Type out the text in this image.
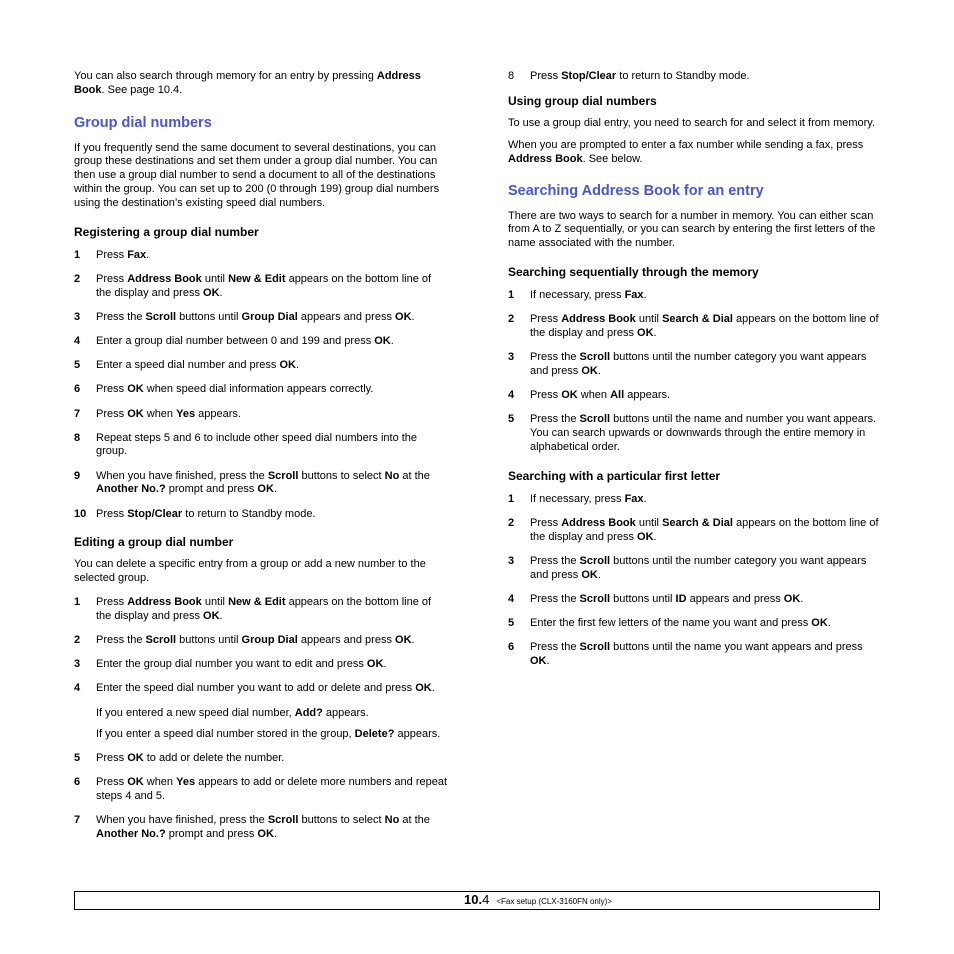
You can also search through memory for an entry by pressing Address Book. See page 10.4.

Group dial numbers

If you frequently send the same document to several destinations, you can group these destinations and set them under a group dial number. You can then use a group dial number to send a document to all of the destinations within the group. You can set up to 200 (0 through 199) group dial numbers using the destination’s existing speed dial numbers.

Registering a group dial number
1	Press Fax.
2	Press Address Book until New & Edit appears on the bottom line of the display and press OK.
3	Press the Scroll buttons until Group Dial appears and press OK.
4	Enter a group dial number between 0 and 199 and press OK.
5	Enter a speed dial number and press OK.
6	Press OK when speed dial information appears correctly.
7	Press OK when Yes appears.
8	Repeat steps 5 and 6 to include other speed dial numbers into the group.
9	When you have finished, press the Scroll buttons to select No at the Another No.? prompt and press OK.
10 Press Stop/Clear to return to Standby mode.
Editing a group dial number

You can delete a specific entry from a group or add a new number to the selected group.

1	Press Address Book until New & Edit appears on the bottom line of the display and press OK.
2	Press the Scroll buttons until Group Dial appears and press OK.
3	Enter the group dial number you want to edit and press OK.
4	Enter the speed dial number you want to add or delete and press OK.

If you entered a new speed dial number, Add? appears.

If you enter a speed dial number stored in the group, Delete? appears.

5	Press OK to add or delete the number.
6	Press OK when Yes appears to add or delete more numbers and repeat steps 4 and 5.
7	When you have finished, press the Scroll buttons to select No at the Another No.? prompt and press OK.
8	Press Stop/Clear to return to Standby mode.
Using group dial numbers

To use a group dial entry, you need to search for and select it from memory.

When you are prompted to enter a fax number while sending a fax, press Address Book. See below.

Searching Address Book for an entry

There are two ways to search for a number in memory. You can either scan from A to Z sequentially, or you can search by entering the first letters of the name associated with the number.

Searching sequentially through the memory
1	If necessary, press Fax.
2	Press Address Book until Search & Dial appears on the bottom line of the display and press OK.
3	Press the Scroll buttons until the number category you want appears and press OK.
4	Press OK when All appears.
5	Press the Scroll buttons until the name and number you want appears. You can search upwards or downwards through the entire memory in alphabetical order.
Searching with a particular first letter
1	If necessary, press Fax.
2	Press Address Book until Search & Dial appears on the bottom line of the display and press OK.
3	Press the Scroll buttons until the number category you want appears and press OK.
4	Press the Scroll buttons until ID appears and press OK.
5	Enter the first few letters of the name you want and press OK.
6	Press the Scroll buttons until the name you want appears and press OK.
10.4 <Fax setup (CLX-3160FN only)>
